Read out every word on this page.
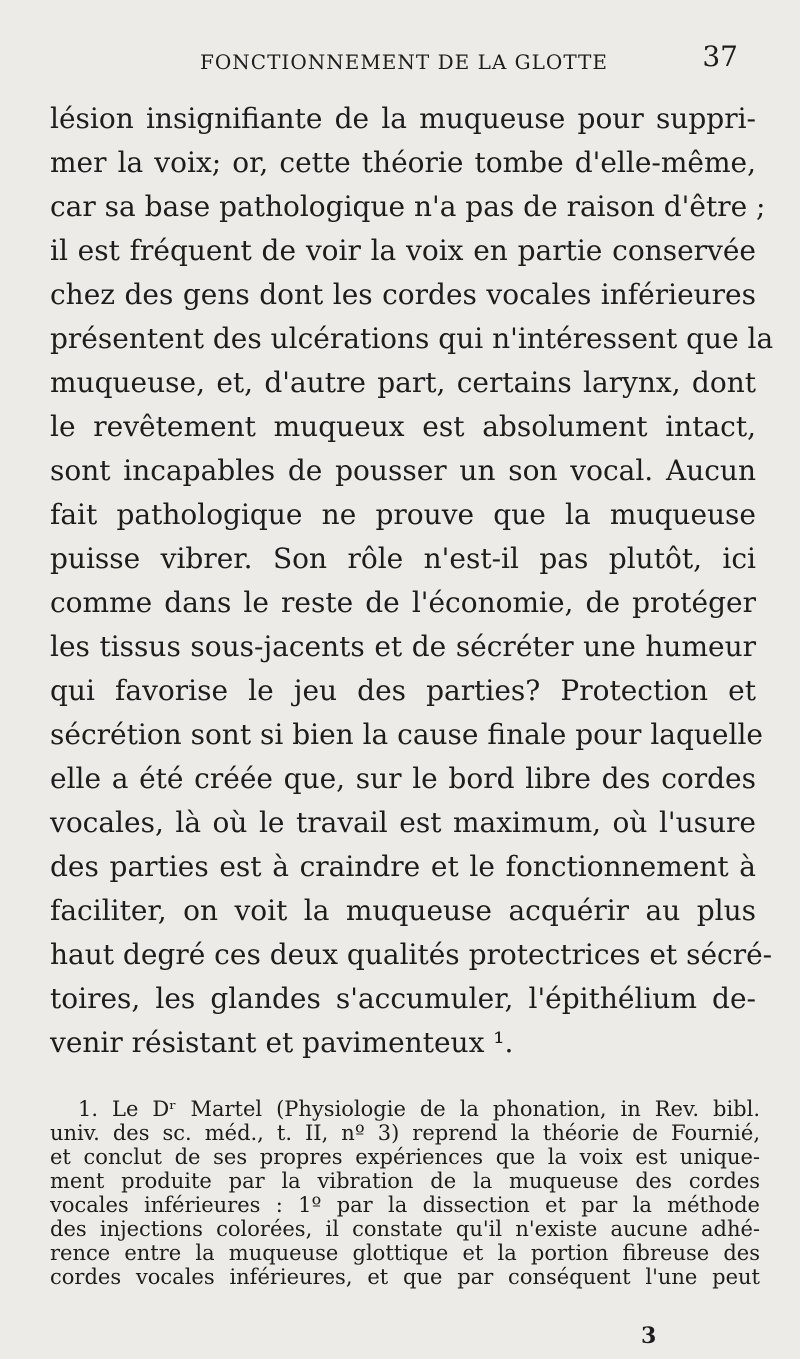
FONCTIONNEMENT DE LA GLOTTE	37
lésion insignifiante de la muqueuse pour suppri-
mer la voix; or, cette théorie tombe d'elle-même,
car sa base pathologique n'a pas de raison d'être ;
il est fréquent de voir la voix en partie conservée
chez des gens dont les cordes vocales inférieures
présentent des ulcérations qui n'intéressent que la
muqueuse, et, d'autre part, certains larynx, dont
le revêtement muqueux est absolument intact,
sont incapables de pousser un son vocal. Aucun
fait pathologique ne prouve que la muqueuse
puisse vibrer. Son rôle n'est-il pas plutôt, ici
comme dans le reste de l'économie, de protéger
les tissus sous-jacents et de sécréter une humeur
qui favorise le jeu des parties? Protection et
sécrétion sont si bien la cause finale pour laquelle
elle a été créée que, sur le bord libre des cordes
vocales, là où le travail est maximum, où l'usure
des parties est à craindre et le fonctionnement à
faciliter, on voit la muqueuse acquérir au plus
haut degré ces deux qualités protectrices et sécré-
toires, les glandes s'accumuler, l'épithélium de-
venir résistant et pavimenteux ¹.
1. Le Dʳ Martel (Physiologie de la phonation, in Rev. bibl.
univ. des sc. méd., t. II, nº 3) reprend la théorie de Fournié,
et conclut de ses propres expériences que la voix est unique-
ment produite par la vibration de la muqueuse des cordes
vocales inférieures : 1º par la dissection et par la méthode
des injections colorées, il constate qu'il n'existe aucune adhé-
rence entre la muqueuse glottique et la portion fibreuse des
cordes vocales inférieures, et que par conséquent l'une peut
3
